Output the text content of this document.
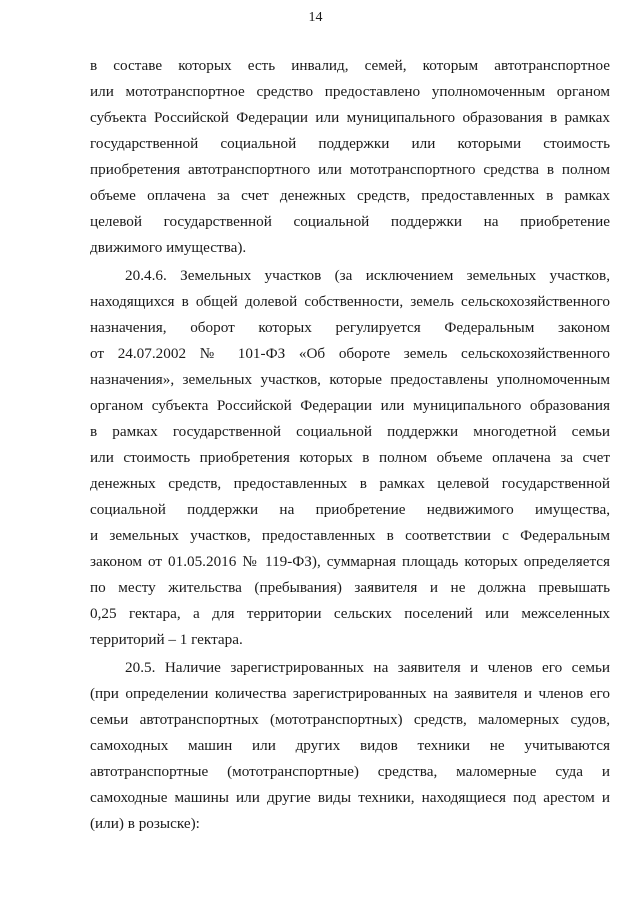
14
в составе которых есть инвалид, семей, которым автотранспортное
или мототранспортное средство предоставлено уполномоченным органом
субъекта Российской Федерации или муниципального образования в рамках
государственной социальной поддержки или которыми стоимость
приобретения автотранспортного или мототранспортного средства в полном
объеме оплачена за счет денежных средств, предоставленных в рамках
целевой государственной социальной поддержки на приобретение
движимого имущества).
20.4.6. Земельных участков (за исключением земельных участков,
находящихся в общей долевой собственности, земель сельскохозяйственного
назначения, оборот которых регулируется Федеральным законом
от 24.07.2002 № 101-ФЗ «Об обороте земель сельскохозяйственного
назначения», земельных участков, которые предоставлены уполномоченным
органом субъекта Российской Федерации или муниципального образования
в рамках государственной социальной поддержки многодетной семьи
или стоимость приобретения которых в полном объеме оплачена за счет
денежных средств, предоставленных в рамках целевой государственной
социальной поддержки на приобретение недвижимого имущества,
и земельных участков, предоставленных в соответствии с Федеральным
законом от 01.05.2016 № 119-ФЗ), суммарная площадь которых определяется
по месту жительства (пребывания) заявителя и не должна превышать
0,25 гектара, а для территории сельских поселений или межселенных
территорий – 1 гектара.
20.5. Наличие зарегистрированных на заявителя и членов его семьи
(при определении количества зарегистрированных на заявителя и членов его
семьи автотранспортных (мототранспортных) средств, маломерных судов,
самоходных машин или других видов техники не учитываются
автотранспортные (мототранспортные) средства, маломерные суда и
самоходные машины или другие виды техники, находящиеся под арестом и
(или) в розыске):
